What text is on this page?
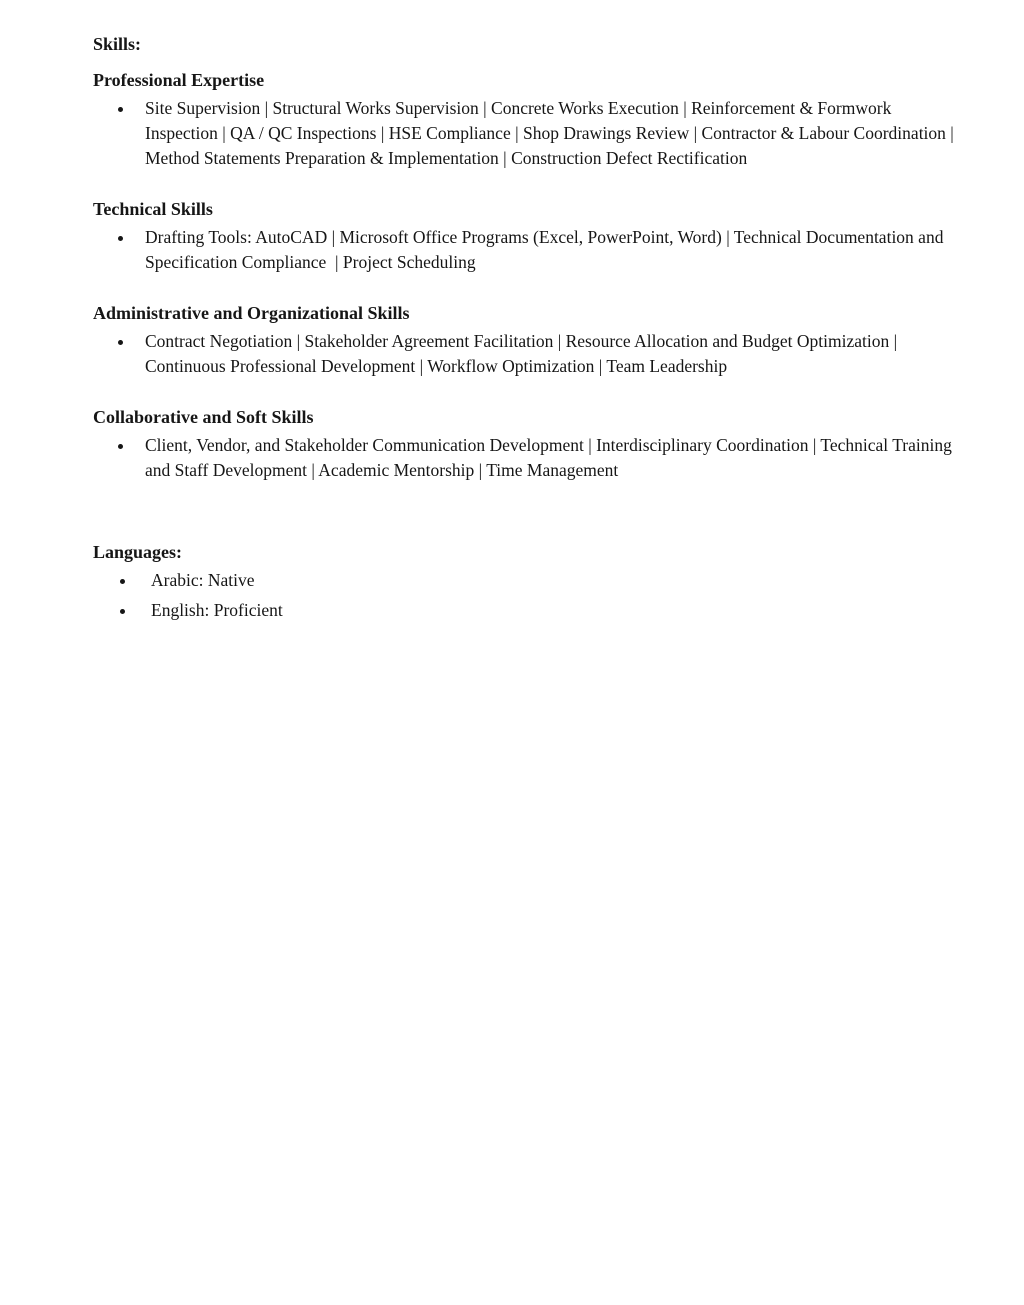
Skills:
Professional Expertise
• Site Supervision | Structural Works Supervision | Concrete Works Execution | Reinforcement & Formwork Inspection | QA / QC Inspections | HSE Compliance | Shop Drawings Review | Contractor & Labour Coordination | Method Statements Preparation & Implementation | Construction Defect Rectification
Technical Skills
• Drafting Tools: AutoCAD | Microsoft Office Programs (Excel, PowerPoint, Word) | Technical Documentation and Specification Compliance  | Project Scheduling
Administrative and Organizational Skills
• Contract Negotiation | Stakeholder Agreement Facilitation | Resource Allocation and Budget Optimization | Continuous Professional Development | Workflow Optimization | Team Leadership
Collaborative and Soft Skills
• Client, Vendor, and Stakeholder Communication Development | Interdisciplinary Coordination | Technical Training and Staff Development | Academic Mentorship | Time Management
Languages:
• Arabic: Native
• English: Proficient
